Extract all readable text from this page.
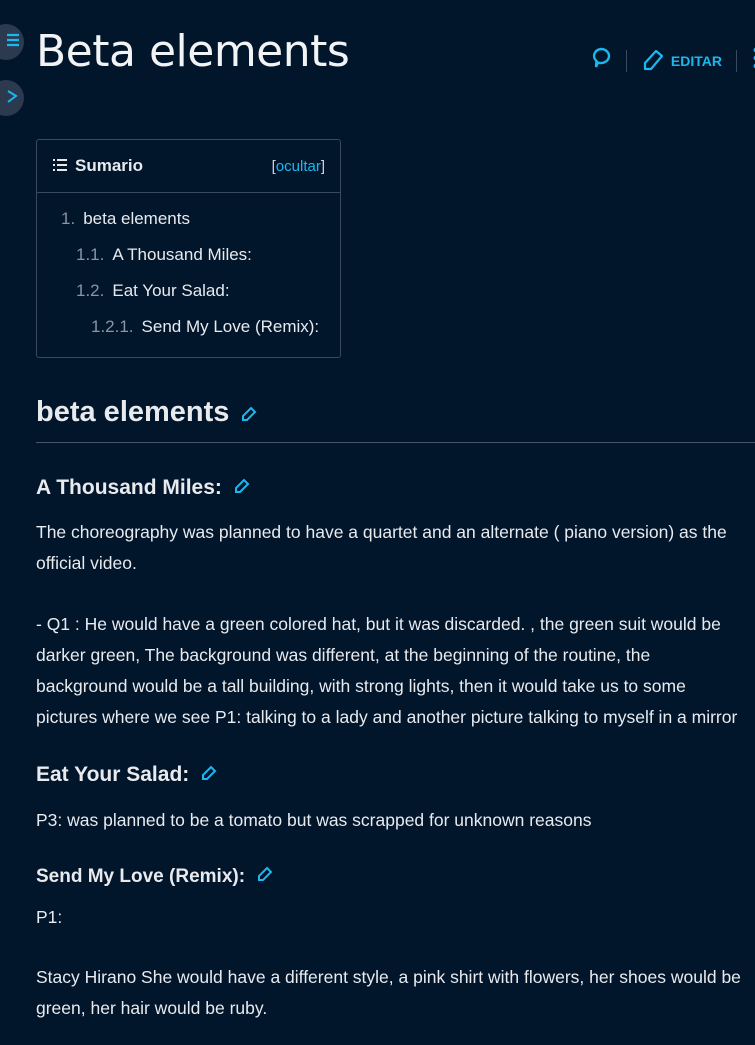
Beta elements	EDITAR
Sumario	[ocultar]
1. beta elements
1.1. A Thousand Miles:
1.2. Eat Your Salad:
1.2.1. Send My Love (Remix):
beta elements
A Thousand Miles:

The choreography was planned to have a quartet and an alternate ( piano version) as the

official video.

- Q1 : He would have a green colored hat, but it was discarded. , the green suit would be

darker green, The background was different, at the beginning of the routine, the

background would be a tall building, with strong lights, then it would take us to some

pictures where we see P1: talking to a lady and another picture talking to myself in a mirror

Eat Your Salad:

P3: was planned to be a tomato but was scrapped for unknown reasons

Send My Love (Remix):

P1:

Stacy Hirano She would have a different style, a pink shirt with flowers, her shoes would be

green, her hair would be ruby.
